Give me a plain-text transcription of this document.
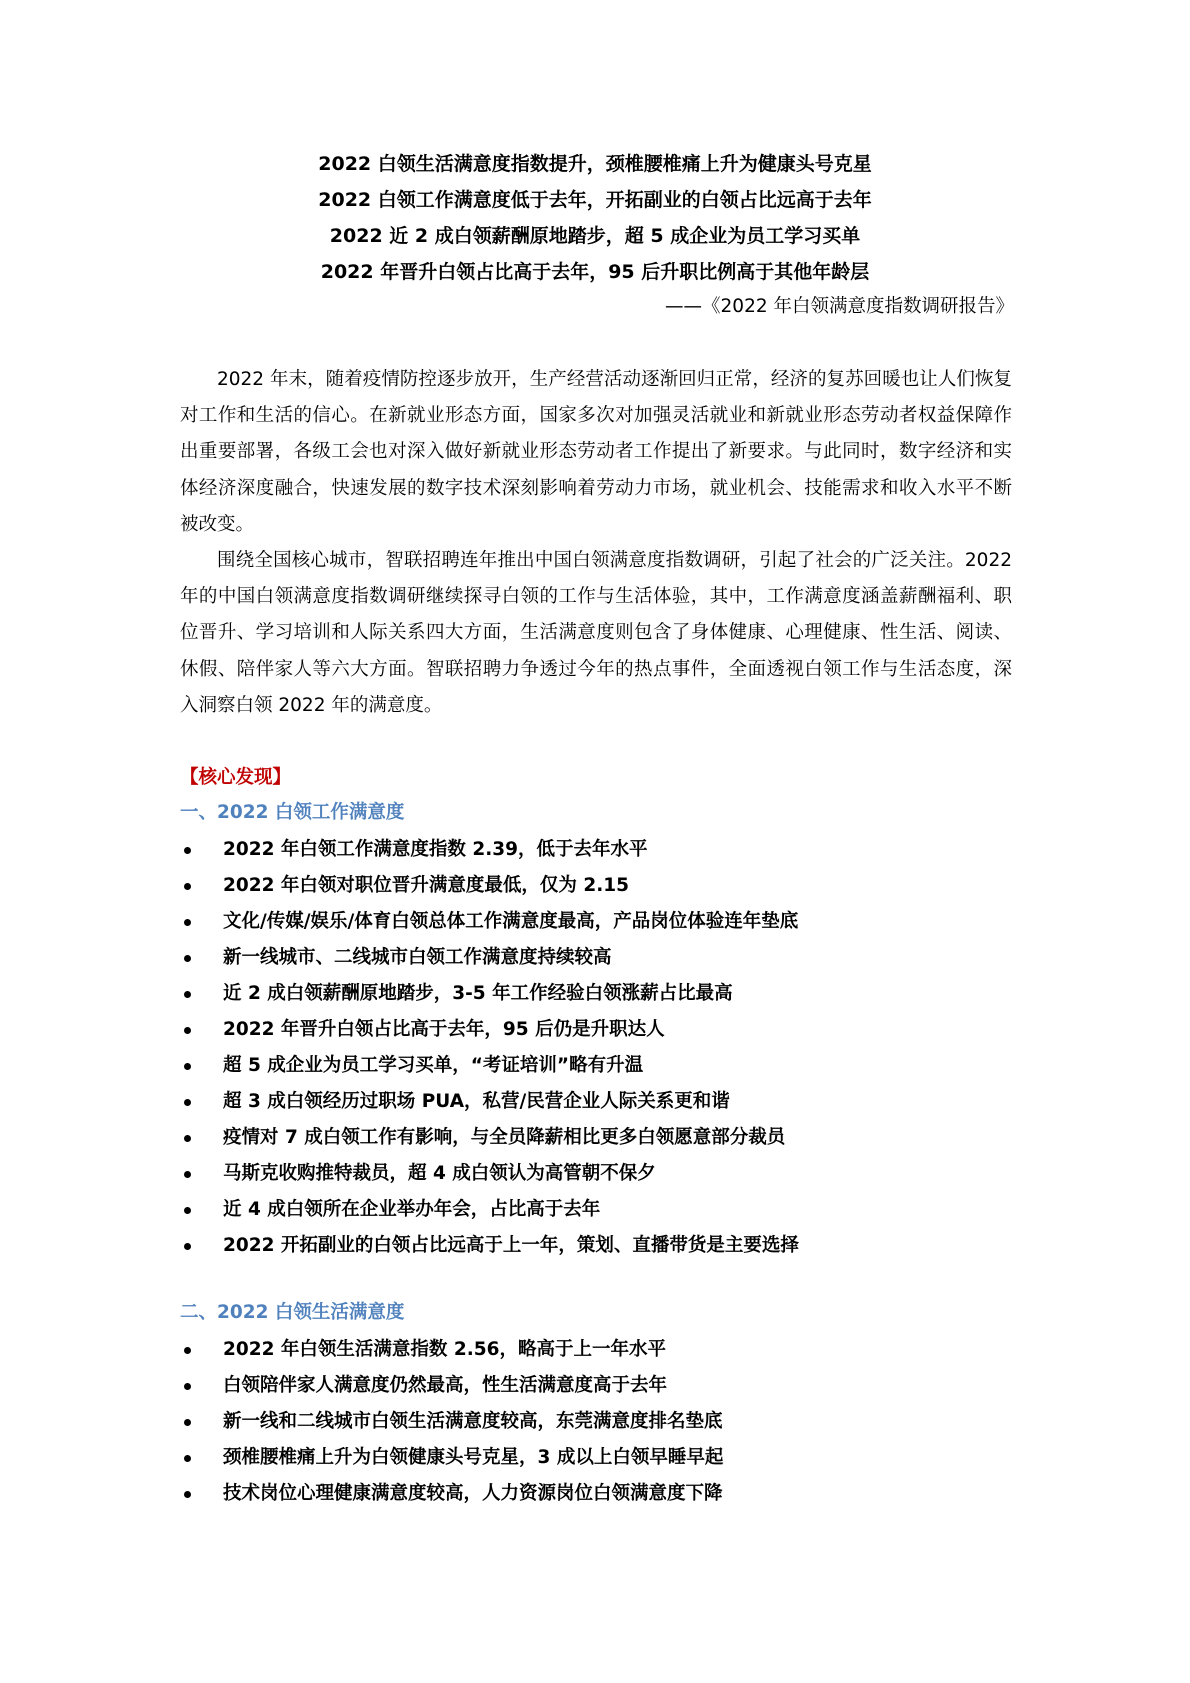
2022 白领生活满意度指数提升，颈椎腰椎痛上升为健康头号克星
2022 白领工作满意度低于去年，开拓副业的白领占比远高于去年
2022 近 2 成白领薪酬原地踏步，超 5 成企业为员工学习买单
2022 年晋升白领占比高于去年，95 后升职比例高于其他年龄层
——《2022 年白领满意度指数调研报告》

2022 年末，随着疫情防控逐步放开，生产经营活动逐渐回归正常，经济的复苏回暖也让人们恢复对工作和生活的信心。在新就业形态方面，国家多次对加强灵活就业和新就业形态劳动者权益保障作出重要部署，各级工会也对深入做好新就业形态劳动者工作提出了新要求。与此同时，数字经济和实体经济深度融合，快速发展的数字技术深刻影响着劳动力市场，就业机会、技能需求和收入水平不断被改变。

围绕全国核心城市，智联招聘连年推出中国白领满意度指数调研，引起了社会的广泛关注。2022 年的中国白领满意度指数调研继续探寻白领的工作与生活体验，其中，工作满意度涵盖薪酬福利、职位晋升、学习培训和人际关系四大方面，生活满意度则包含了身体健康、心理健康、性生活、阅读、休假、陪伴家人等六大方面。智联招聘力争透过今年的热点事件，全面透视白领工作与生活态度，深入洞察白领 2022 年的满意度。

【核心发现】
一、2022 白领工作满意度
2022 年白领工作满意度指数 2.39，低于去年水平
2022 年白领对职位晋升满意度最低，仅为 2.15
文化/传媒/娱乐/体育白领总体工作满意度最高，产品岗位体验连年垫底
新一线城市、二线城市白领工作满意度持续较高
近 2 成白领薪酬原地踏步，3-5 年工作经验白领涨薪占比最高
2022 年晋升白领占比高于去年，95 后仍是升职达人
超 5 成企业为员工学习买单，“考证培训”略有升温
超 3 成白领经历过职场 PUA，私营/民营企业人际关系更和谐
疫情对 7 成白领工作有影响，与全员降薪相比更多白领愿意部分裁员
马斯克收购推特裁员，超 4 成白领认为高管朝不保夕
近 4 成白领所在企业举办年会，占比高于去年
2022 开拓副业的白领占比远高于上一年，策划、直播带货是主要选择
二、2022 白领生活满意度
2022 年白领生活满意指数 2.56，略高于上一年水平
白领陪伴家人满意度仍然最高，性生活满意度高于去年
新一线和二线城市白领生活满意度较高，东莞满意度排名垫底
颈椎腰椎痛上升为白领健康头号克星，3 成以上白领早睡早起
技术岗位心理健康满意度较高，人力资源岗位白领满意度下降
